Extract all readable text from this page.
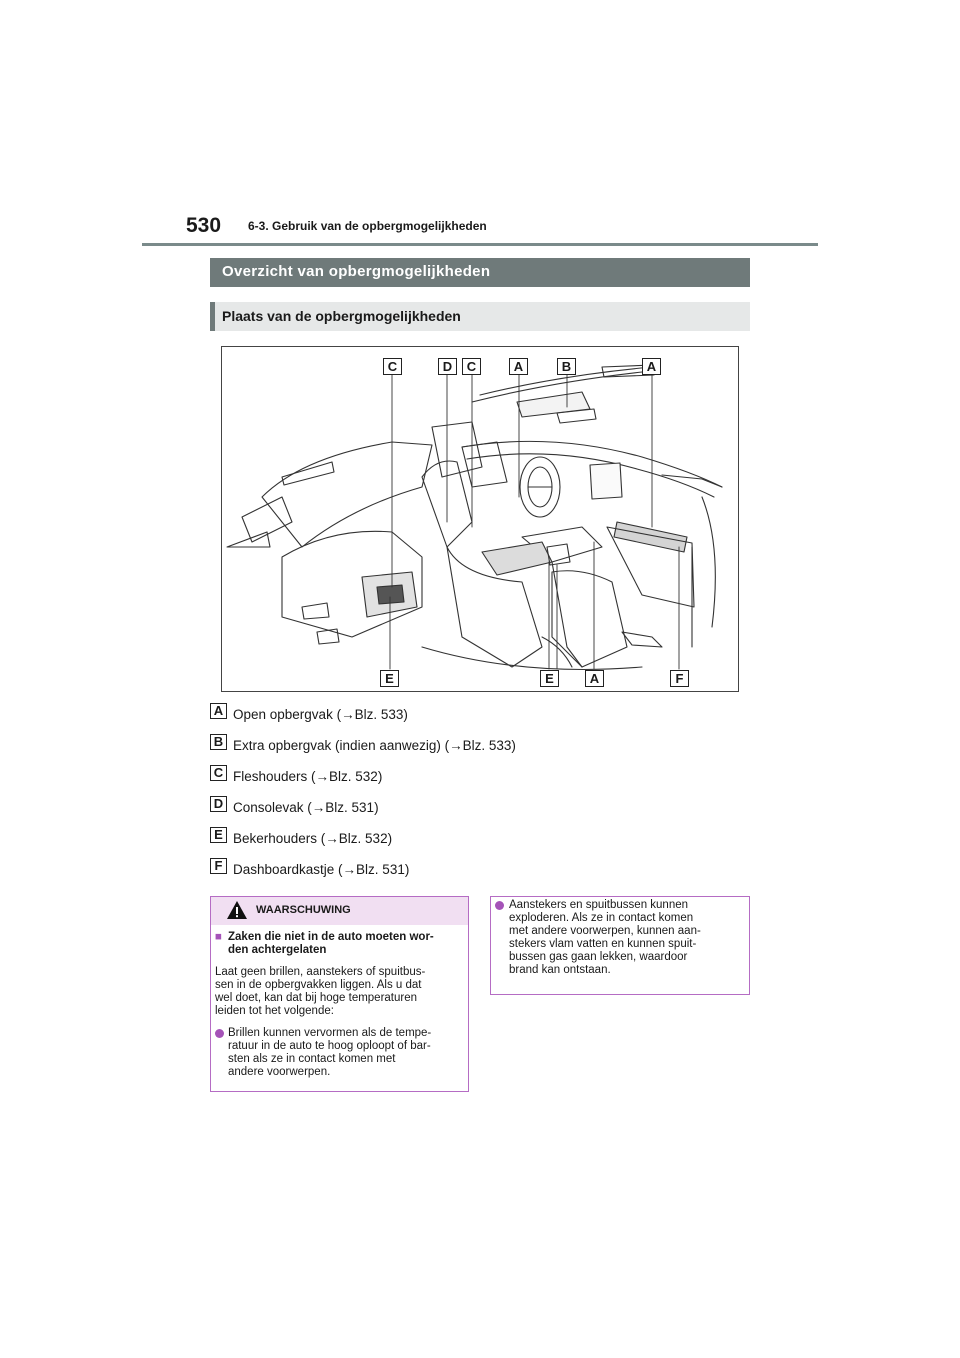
530 6-3. Gebruik van de opbergmogelijkheden
Overzicht van opbergmogelijkheden
Plaats van de opbergmogelijkheden
C	D	C	A	B	A
E	E	A	F
A Open opbergvak (→Blz. 533)
B Extra opbergvak (indien aanwezig) (→Blz. 533)
C Fleshouders (→Blz. 532)
D Consolevak (→Blz. 531)
E Bekerhouders (→Blz. 532)
F Dashboardkastje (→Blz. 531)
WAARSCHUWING
■ Zaken die niet in de auto moeten wor-
den achtergelaten
Laat geen brillen, aanstekers of spuitbus-
sen in de opbergvakken liggen. Als u dat
wel doet, kan dat bij hoge temperaturen
leiden tot het volgende:
Brillen kunnen vervormen als de tempe-
ratuur in de auto te hoog oploopt of bar-
sten als ze in contact komen met
andere voorwerpen.
Aanstekers en spuitbussen kunnen
exploderen. Als ze in contact komen
met andere voorwerpen, kunnen aan-
stekers vlam vatten en kunnen spuit-
bussen gas gaan lekken, waardoor
brand kan ontstaan.
